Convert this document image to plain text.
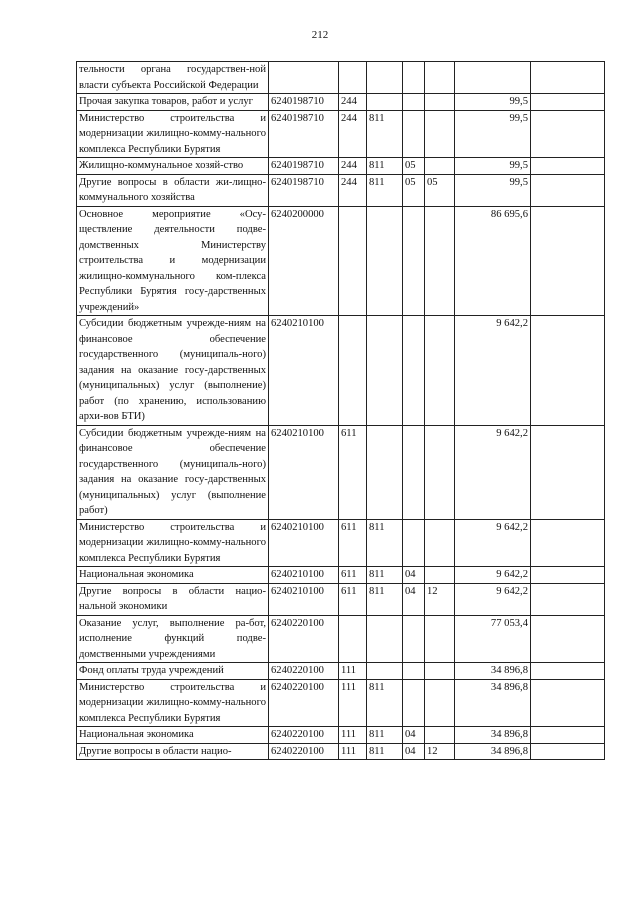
212
тельности органа государствен-ной власти субъекта Российской Федерации							
Прочая закупка товаров, работ и услуг	6240198710	244				99,5	
Министерство строительства и модернизации жилищно-комму-нального комплекса Республики Бурятия	6240198710	244	811			99,5	
Жилищно-коммунальное хозяй-ство	6240198710	244	811	05		99,5	
Другие вопросы в области жи-лищно-коммунального хозяйства	6240198710	244	811	05	05	99,5	
Основное мероприятие «Осу-ществление деятельности подве-домственных Министерству строительства и модернизации жилищно-коммунального ком-плекса Республики Бурятия госу-дарственных учреждений»	6240200000					86 695,6	
Субсидии бюджетным учрежде-ниям на финансовое обеспечение государственного (муниципаль-ного) задания на оказание госу-дарственных (муниципальных) услуг (выполнение) работ (по хранению, использованию архи-вов БТИ)	6240210100					9 642,2	
Субсидии бюджетным учрежде-ниям на финансовое обеспечение государственного (муниципаль-ного) задания на оказание госу-дарственных (муниципальных) услуг (выполнение работ)	6240210100	611				9 642,2	
Министерство строительства и модернизации жилищно-комму-нального комплекса Республики Бурятия	6240210100	611	811			9 642,2	
Национальная экономика	6240210100	611	811	04		9 642,2	
Другие вопросы в области нацио-нальной экономики	6240210100	611	811	04	12	9 642,2	
Оказание услуг, выполнение ра-бот, исполнение функций подве-домственными учреждениями	6240220100					77 053,4	
Фонд оплаты труда учреждений	6240220100	111				34 896,8	
Министерство строительства и модернизации жилищно-комму-нального комплекса Республики Бурятия	6240220100	111	811			34 896,8	
Национальная экономика	6240220100	111	811	04		34 896,8	
Другие вопросы в области нацио-	6240220100	111	811	04	12	34 896,8	
